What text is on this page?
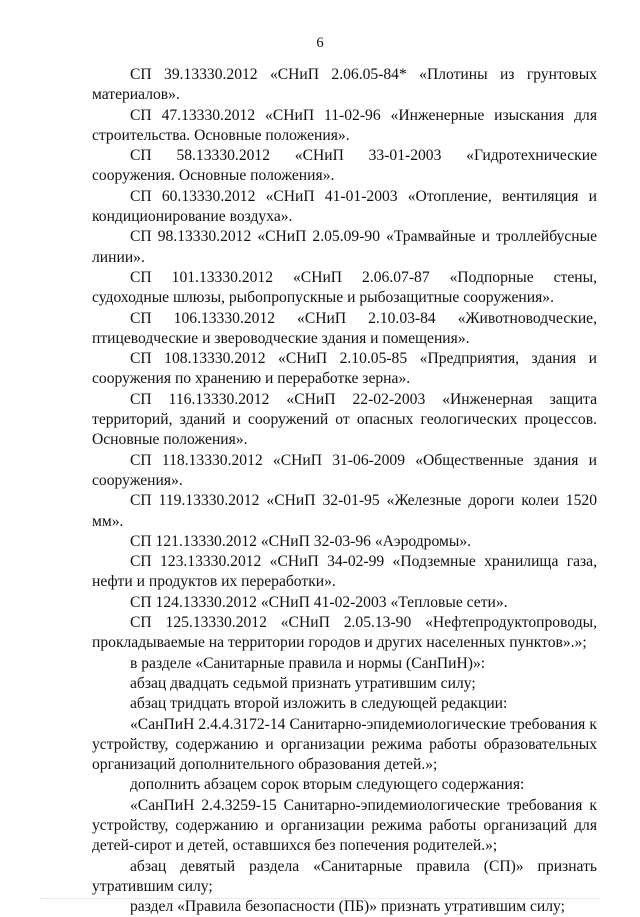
6

СП 39.13330.2012 «СНиП 2.06.05-84* «Плотины из грунтовых материалов».

СП 47.13330.2012 «СНиП 11-02-96 «Инженерные изыскания для строительства. Основные положения».

СП 58.13330.2012 «СНиП 33-01-2003 «Гидротехнические сооружения. Основные положения».

СП 60.13330.2012 «СНиП 41-01-2003 «Отопление, вентиляция и кондиционирование воздуха».

СП 98.13330.2012 «СНиП 2.05.09-90 «Трамвайные и троллейбусные линии».

СП 101.13330.2012 «СНиП 2.06.07-87 «Подпорные стены, судоходные шлюзы, рыбопропускные и рыбозащитные сооружения».

СП 106.13330.2012 «СНиП 2.10.03-84 «Животноводческие, птицеводческие и звероводческие здания и помещения».

СП 108.13330.2012 «СНиП 2.10.05-85 «Предприятия, здания и сооружения по хранению и переработке зерна».

СП 116.13330.2012 «СНиП 22-02-2003 «Инженерная защита территорий, зданий и сооружений от опасных геологических процессов. Основные положения».

СП 118.13330.2012 «СНиП 31-06-2009 «Общественные здания и сооружения».

СП 119.13330.2012 «СНиП 32-01-95 «Железные дороги колеи 1520 мм».

СП 121.13330.2012 «СНиП 32-03-96 «Аэродромы».

СП 123.13330.2012 «СНиП 34-02-99 «Подземные хранилища газа, нефти и продуктов их переработки».

СП 124.13330.2012 «СНиП 41-02-2003 «Тепловые сети».

СП 125.13330.2012 «СНиП 2.05.13-90 «Нефтепродуктопроводы, прокладываемые на территории городов и других населенных пунктов».»;

в разделе «Санитарные правила и нормы (СанПиН)»:

абзац двадцать седьмой признать утратившим силу;

абзац тридцать второй изложить в следующей редакции:

«СанПиН 2.4.4.3172-14 Санитарно-эпидемиологические требования к устройству, содержанию и организации режима работы образовательных организаций дополнительного образования детей.»;

дополнить абзацем сорок вторым следующего содержания:

«СанПиН 2.4.3259-15 Санитарно-эпидемиологические требования к устройству, содержанию и организации режима работы организаций для детей-сирот и детей, оставшихся без попечения родителей.»;

абзац девятый раздела «Санитарные правила (СП)» признать утратившим силу;

раздел «Правила безопасности (ПБ)» признать утратившим силу;
